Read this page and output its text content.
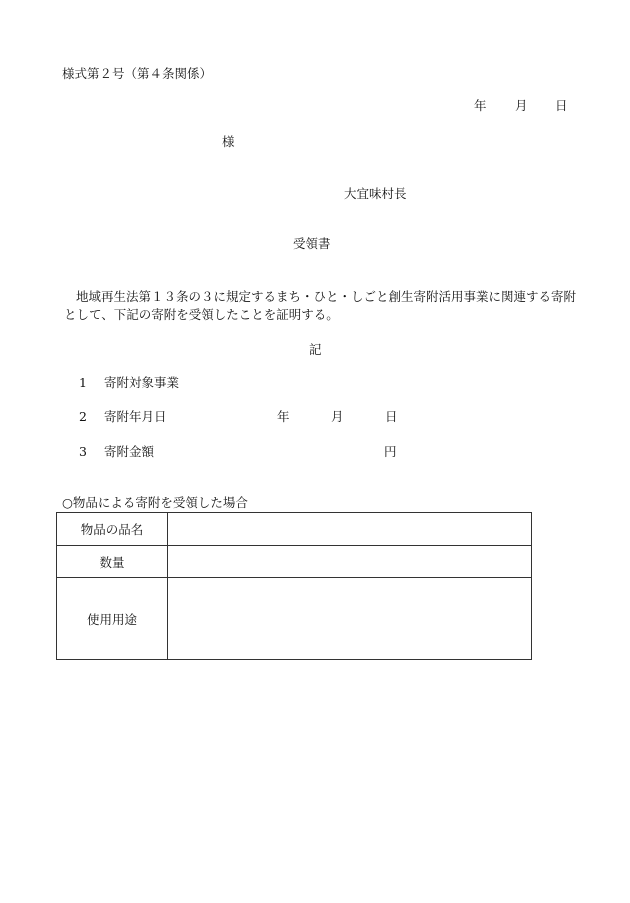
様式第２号（第４条関係）
年 月 日
様
大宜味村長
受領書
地域再生法第１３条の３に規定するまち・ひと・しごと創生寄附活用事業に関連する寄附として、下記の寄附を受領したことを証明する。
記
1 寄附対象事業
2 寄附年月日	年	月	日
3 寄附金額	円
○物品による寄附を受領した場合
物品の品名	
数量	
使用用途	
